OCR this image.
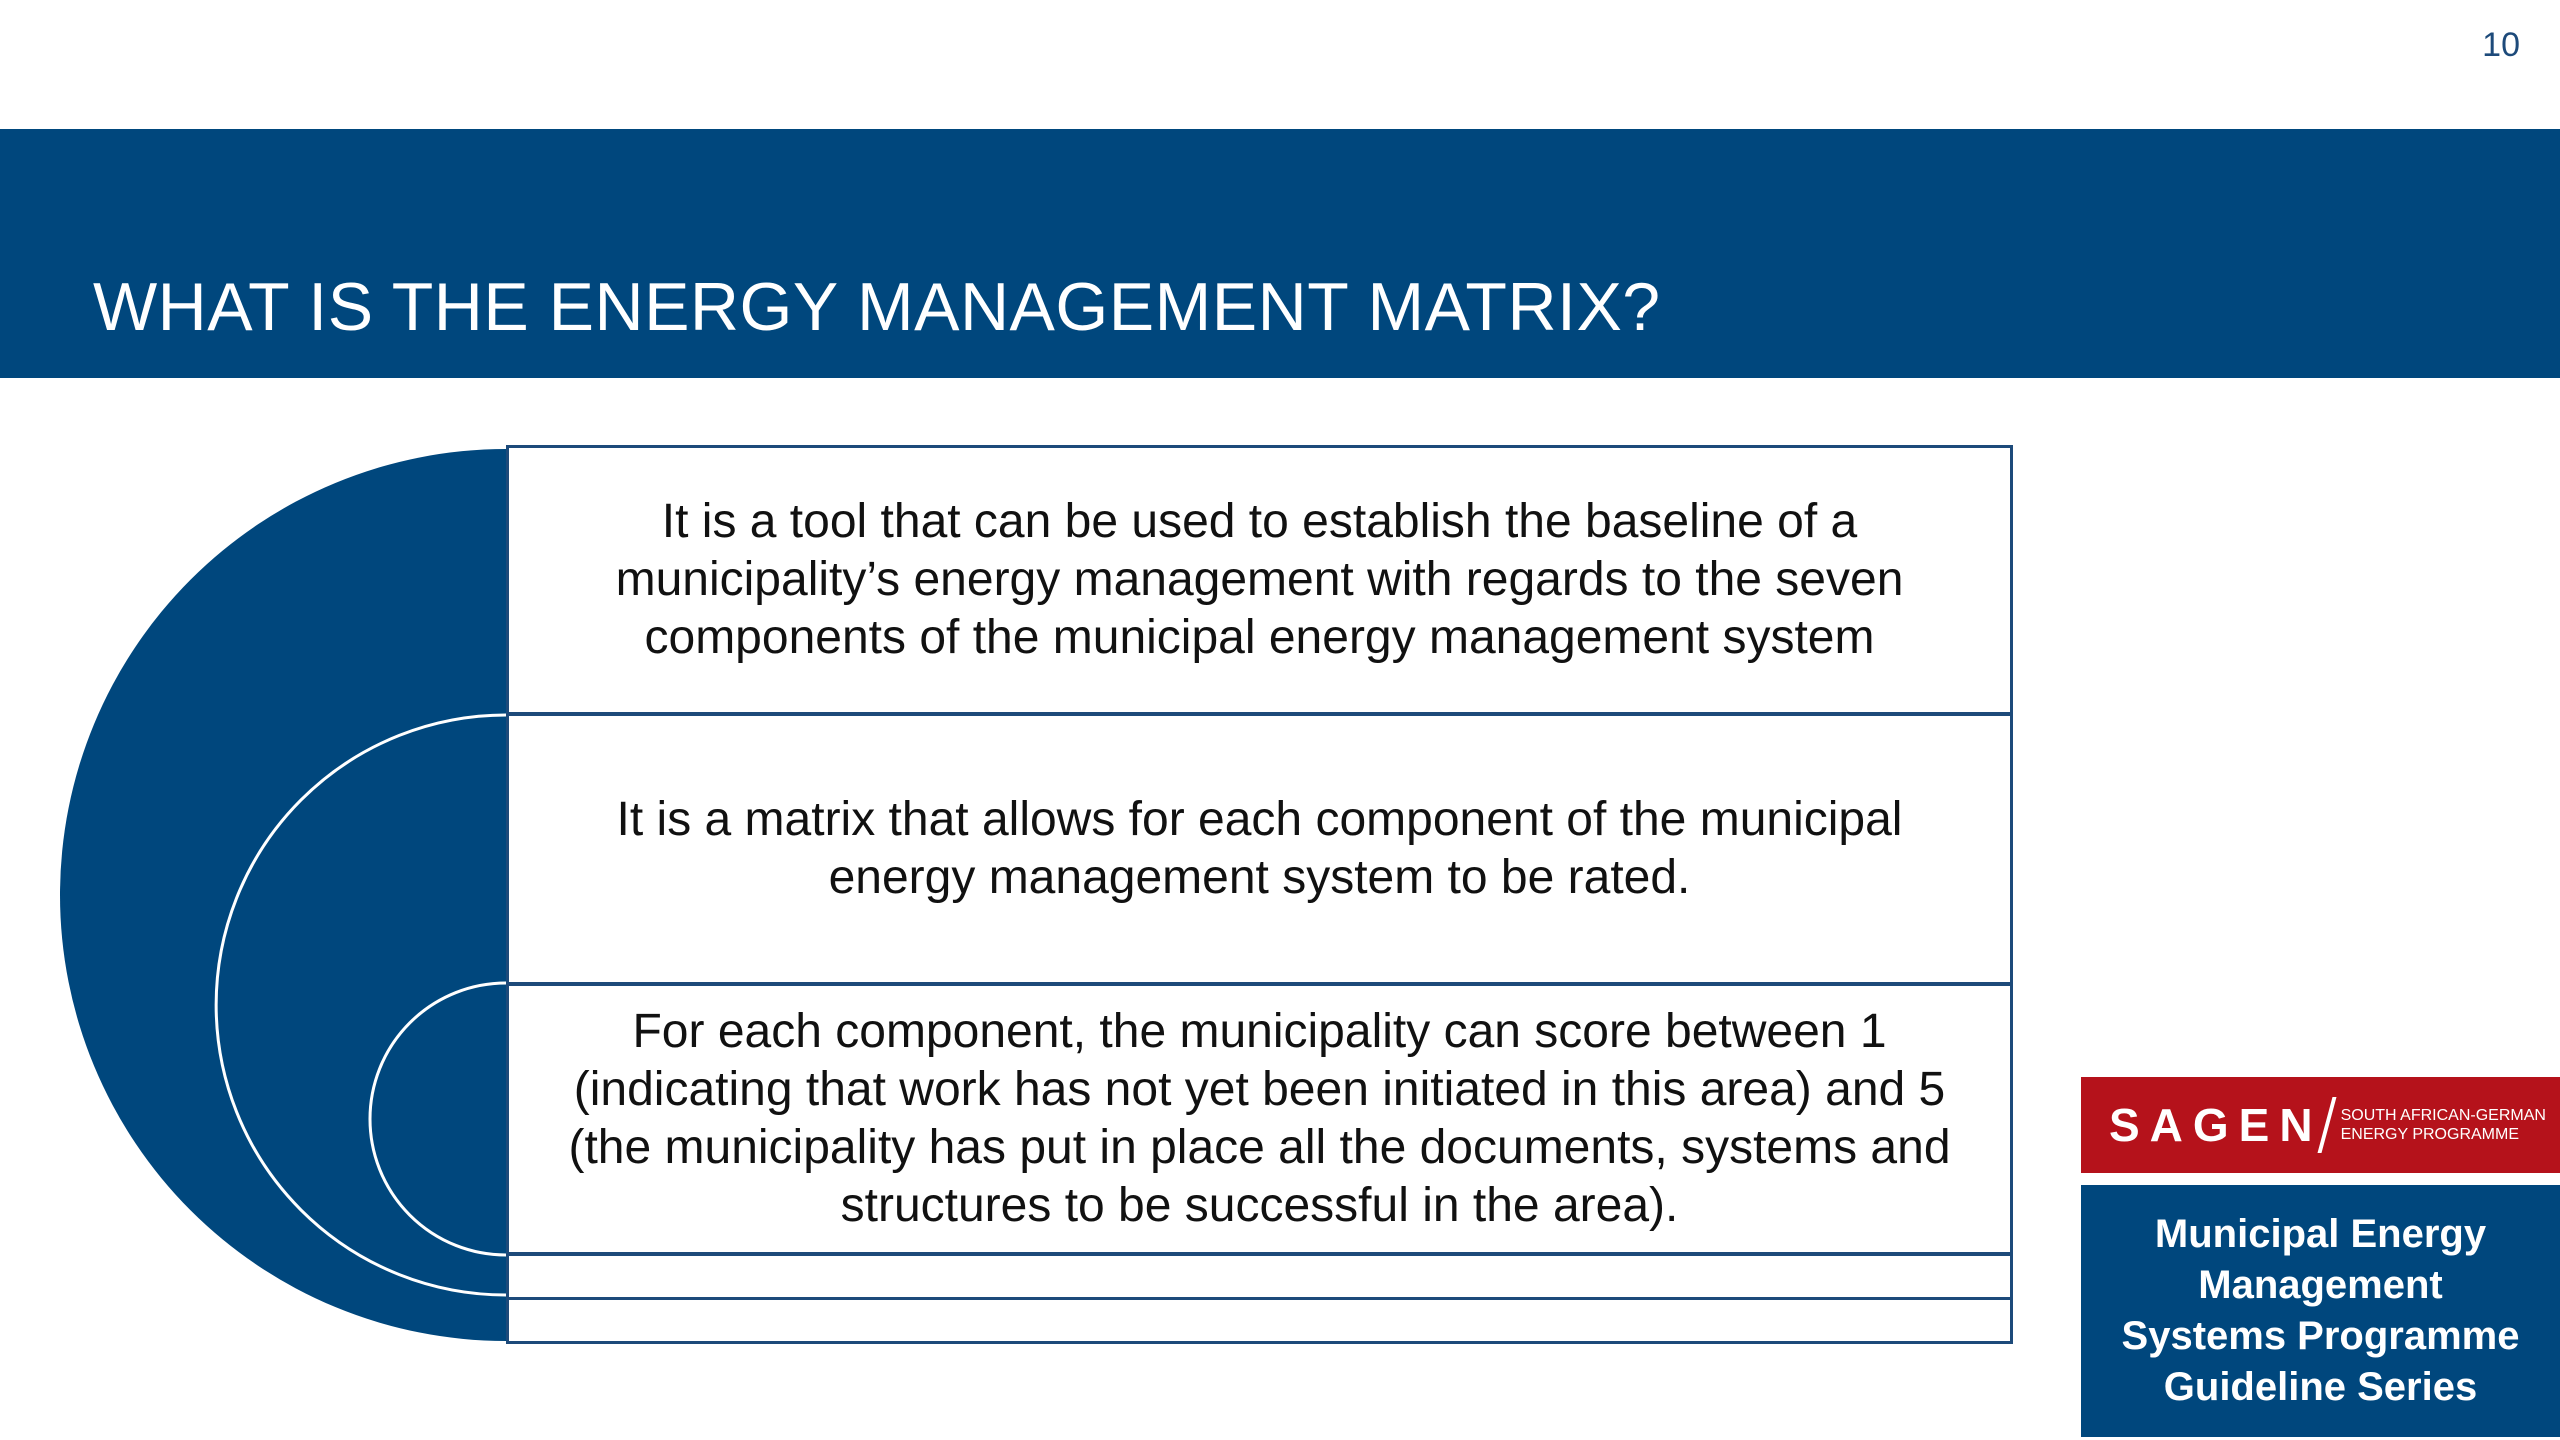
10
WHAT IS THE ENERGY MANAGEMENT MATRIX?
It is a tool that can be used to establish the baseline of a municipality’s energy management with regards to the seven components of the municipal energy management system
It is a matrix that allows for each component of the municipal energy management system to be rated.
For each component, the municipality can score between 1 (indicating that work has not yet been initiated in this area) and 5 (the municipality has put in place all the documents, systems and structures to be successful in the area).
SAGEN SOUTH AFRICAN-GERMAN
ENERGY PROGRAMME
Municipal Energy Management Systems Programme Guideline Series
